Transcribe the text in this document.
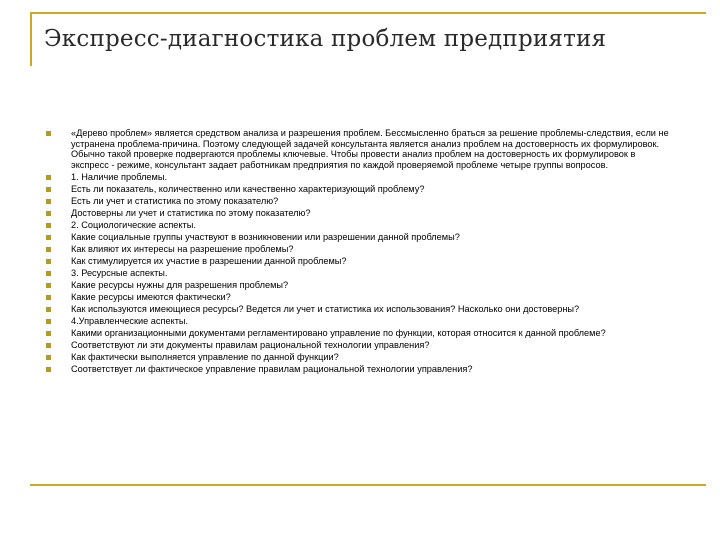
Экспресс-диагностика проблем предприятия
«Дерево проблем» является средством анализа и разрешения проблем. Бессмысленно браться за решение проблемы-следствия, если не устранена проблема-причина. Поэтому следующей задачей консультанта является анализ проблем на достоверность их формулировок. Обычно такой проверке подвергаются проблемы ключевые. Чтобы провести анализ проблем на достоверность их формулировок в экспресс - режиме, консультант задает работникам предприятия по каждой проверяемой проблеме четыре группы вопросов.
1. Наличие проблемы.
Есть ли показатель, количественно или качественно характеризующий проблему?
Есть ли учет и статистика по этому показателю?
Достоверны ли учет и статистика по этому показателю?
2. Социологические аспекты.
Какие социальные группы участвуют в возникновении или разрешении данной проблемы?
Как влияют их интересы на разрешение проблемы?
Как стимулируется их участие в разрешении данной проблемы?
3. Ресурсные аспекты.
Какие ресурсы нужны для разрешения проблемы?
Какие ресурсы имеются фактически?
Как используются имеющиеся ресурсы? Ведется ли учет и статистика их использования? Насколько они достоверны?
4.Управленческие аспекты.
Какими организационными документами регламентировано управление по функции, которая относится к данной проблеме?
Соответствуют ли эти документы правилам рациональной технологии управления?
Как фактически выполняется управление по данной функции?
Соответствует ли фактическое управление правилам рациональной технологии управления?
